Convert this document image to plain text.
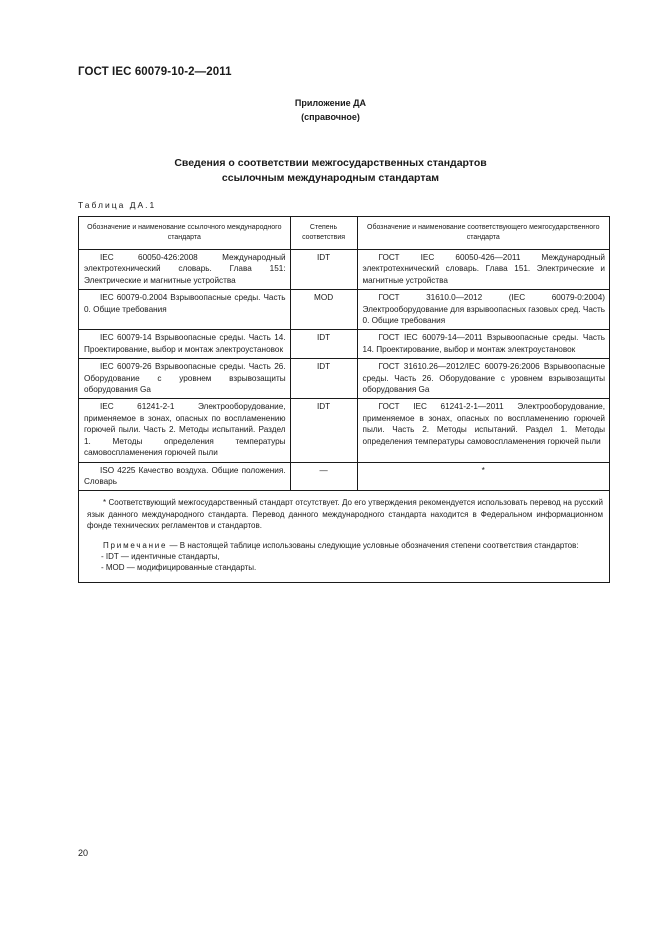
ГОСТ IEC 60079-10-2—2011
Приложение ДА
(справочное)
Сведения о соответствии межгосударственных стандартов
ссылочным международным стандартам
Таблица ДА.1
Обозначение и наименование ссылочного международного стандарта	Степень соответствия	Обозначение и наименование соответствующего межгосударственного стандарта
IEC 60050-426:2008 Международный электротехнический словарь. Глава 151: Электрические и магнитные устройства	IDT	ГОСТ IEC 60050-426—2011 Международный электротехнический словарь. Глава 151. Электрические и магнитные устройства
IEC 60079-0.2004 Взрывоопасные среды. Часть 0. Общие требования	MOD	ГОСТ 31610.0—2012 (IEC 60079-0:2004) Электрооборудование для взрывоопасных газовых сред. Часть 0. Общие требования
IEC 60079-14 Взрывоопасные среды. Часть 14. Проектирование, выбор и монтаж электроустановок	IDT	ГОСТ IEC 60079-14—2011 Взрывоопасные среды. Часть 14. Проектирование, выбор и монтаж электроустановок
IEC 60079-26 Взрывоопасные среды. Часть 26. Оборудование с уровнем взрывозащиты оборудования Ga	IDT	ГОСТ 31610.26—2012/IEC 60079-26:2006 Взрывоопасные среды. Часть 26. Оборудование с уровнем взрывозащиты оборудования Ga
IEC 61241-2-1 Электрооборудование, применяемое в зонах, опасных по воспламенению горючей пыли. Часть 2. Методы испытаний. Раздел 1. Методы определения температуры самовоспламенения горючей пыли	IDT	ГОСТ IEC 61241-2-1—2011 Электрооборудование, применяемое в зонах, опасных по воспламенению горючей пыли. Часть 2. Методы испытаний. Раздел 1. Методы определения температуры самовоспламенения горючей пыли
ISO 4225 Качество воздуха. Общие положения. Словарь	—	*

* Соответствующий межгосударственный стандарт отсутствует. До его утверждения рекомендуется использовать перевод на русский язык данного международного стандарта. Перевод данного международного стандарта находится в Федеральном информационном фонде технических регламентов и стандартов.

Примечание — В настоящей таблице использованы следующие условные обозначения степени соответствия стандартов:

- IDT — идентичные стандарты,

- MOD — модифицированные стандарты.		

20
